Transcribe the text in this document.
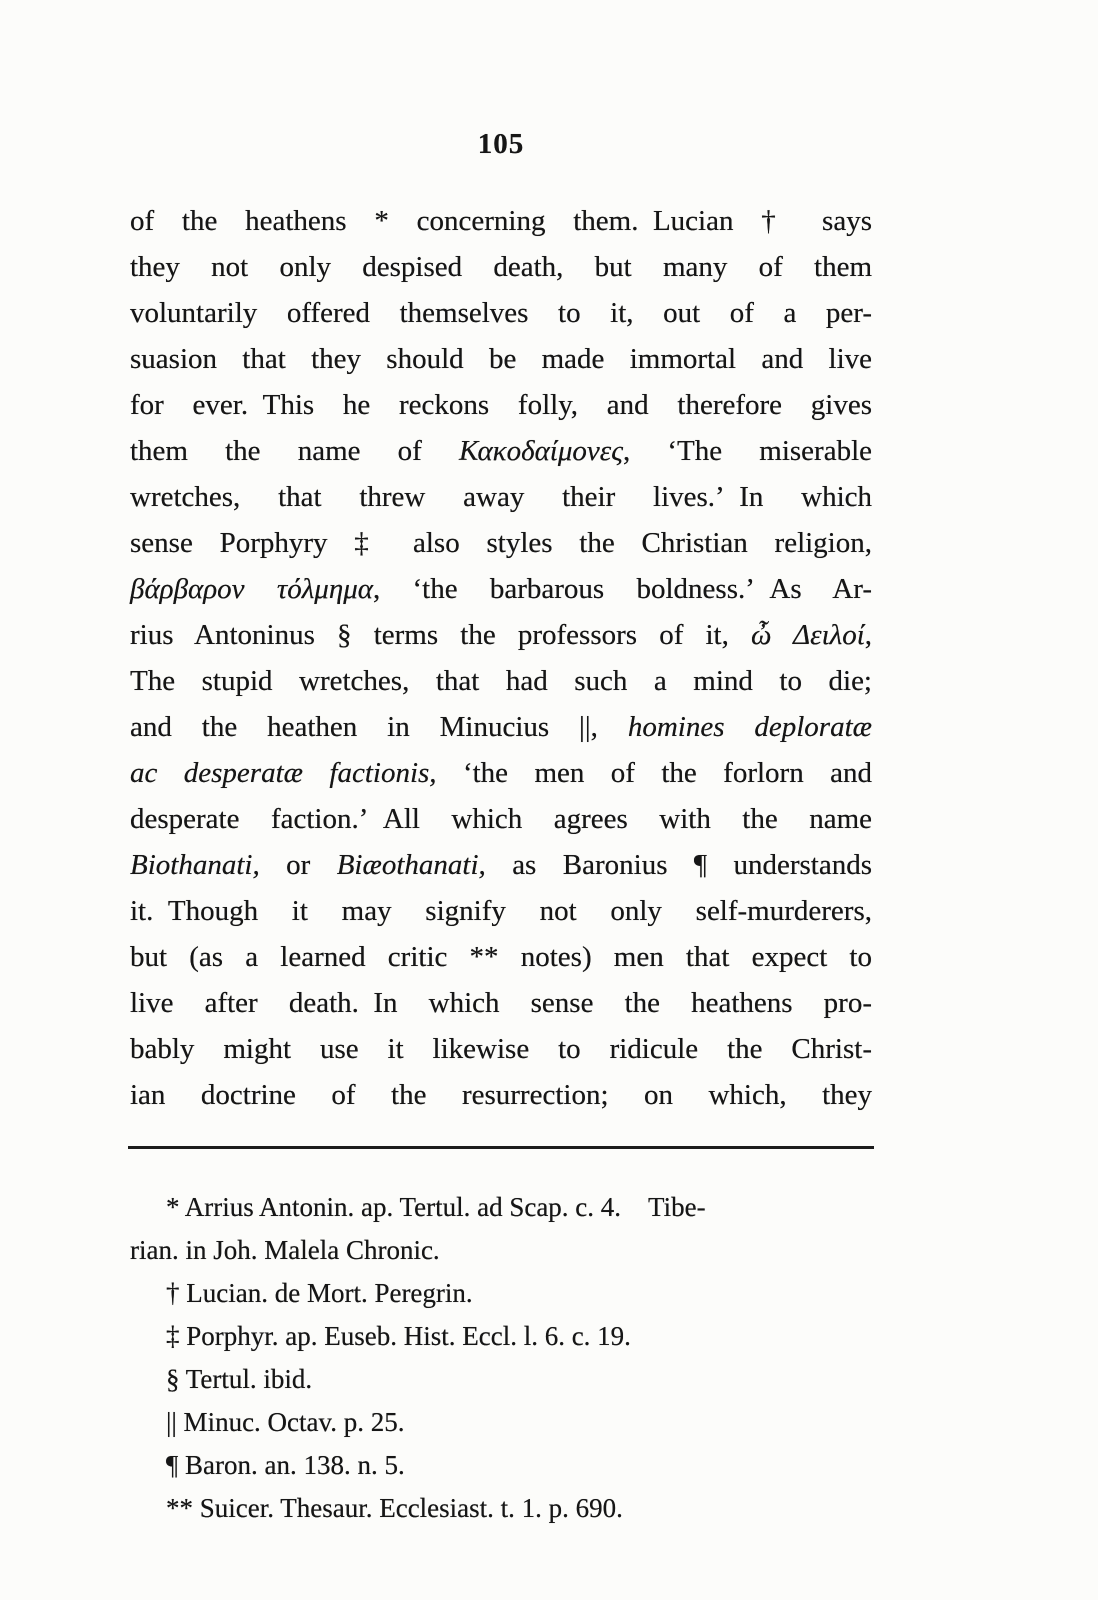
105
of the heathens * concerning them. Lucian † says
they not only despised death, but many of them
voluntarily offered themselves to it, out of a per-
suasion that they should be made immortal and live
for ever. This he reckons folly, and therefore gives
them the name of Κακοδαίμονες, ‘The miserable
wretches, that threw away their lives.’ In which
sense Porphyry ‡ also styles the Christian religion,
βάρβαρον τόλμημα, ‘the barbarous boldness.’ As Ar-
rius Antoninus § terms the professors of it, ὦ Δειλοί,
The stupid wretches, that had such a mind to die;
and the heathen in Minucius ||, homines deploratæ
ac desperatæ factionis, ‘the men of the forlorn and
desperate faction.’ All which agrees with the name
Biothanati, or Biæothanati, as Baronius ¶ understands
it. Though it may signify not only self-murderers,
but (as a learned critic ** notes) men that expect to
live after death. In which sense the heathens pro-
bably might use it likewise to ridicule the Christ-
ian doctrine of the resurrection; on which, they
* Arrius Antonin. ap. Tertul. ad Scap. c. 4. Tibe-
rian. in Joh. Malela Chronic.
† Lucian. de Mort. Peregrin.
‡ Porphyr. ap. Euseb. Hist. Eccl. l. 6. c. 19.
§ Tertul. ibid.
|| Minuc. Octav. p. 25.
¶ Baron. an. 138. n. 5.
** Suicer. Thesaur. Ecclesiast. t. 1. p. 690.
